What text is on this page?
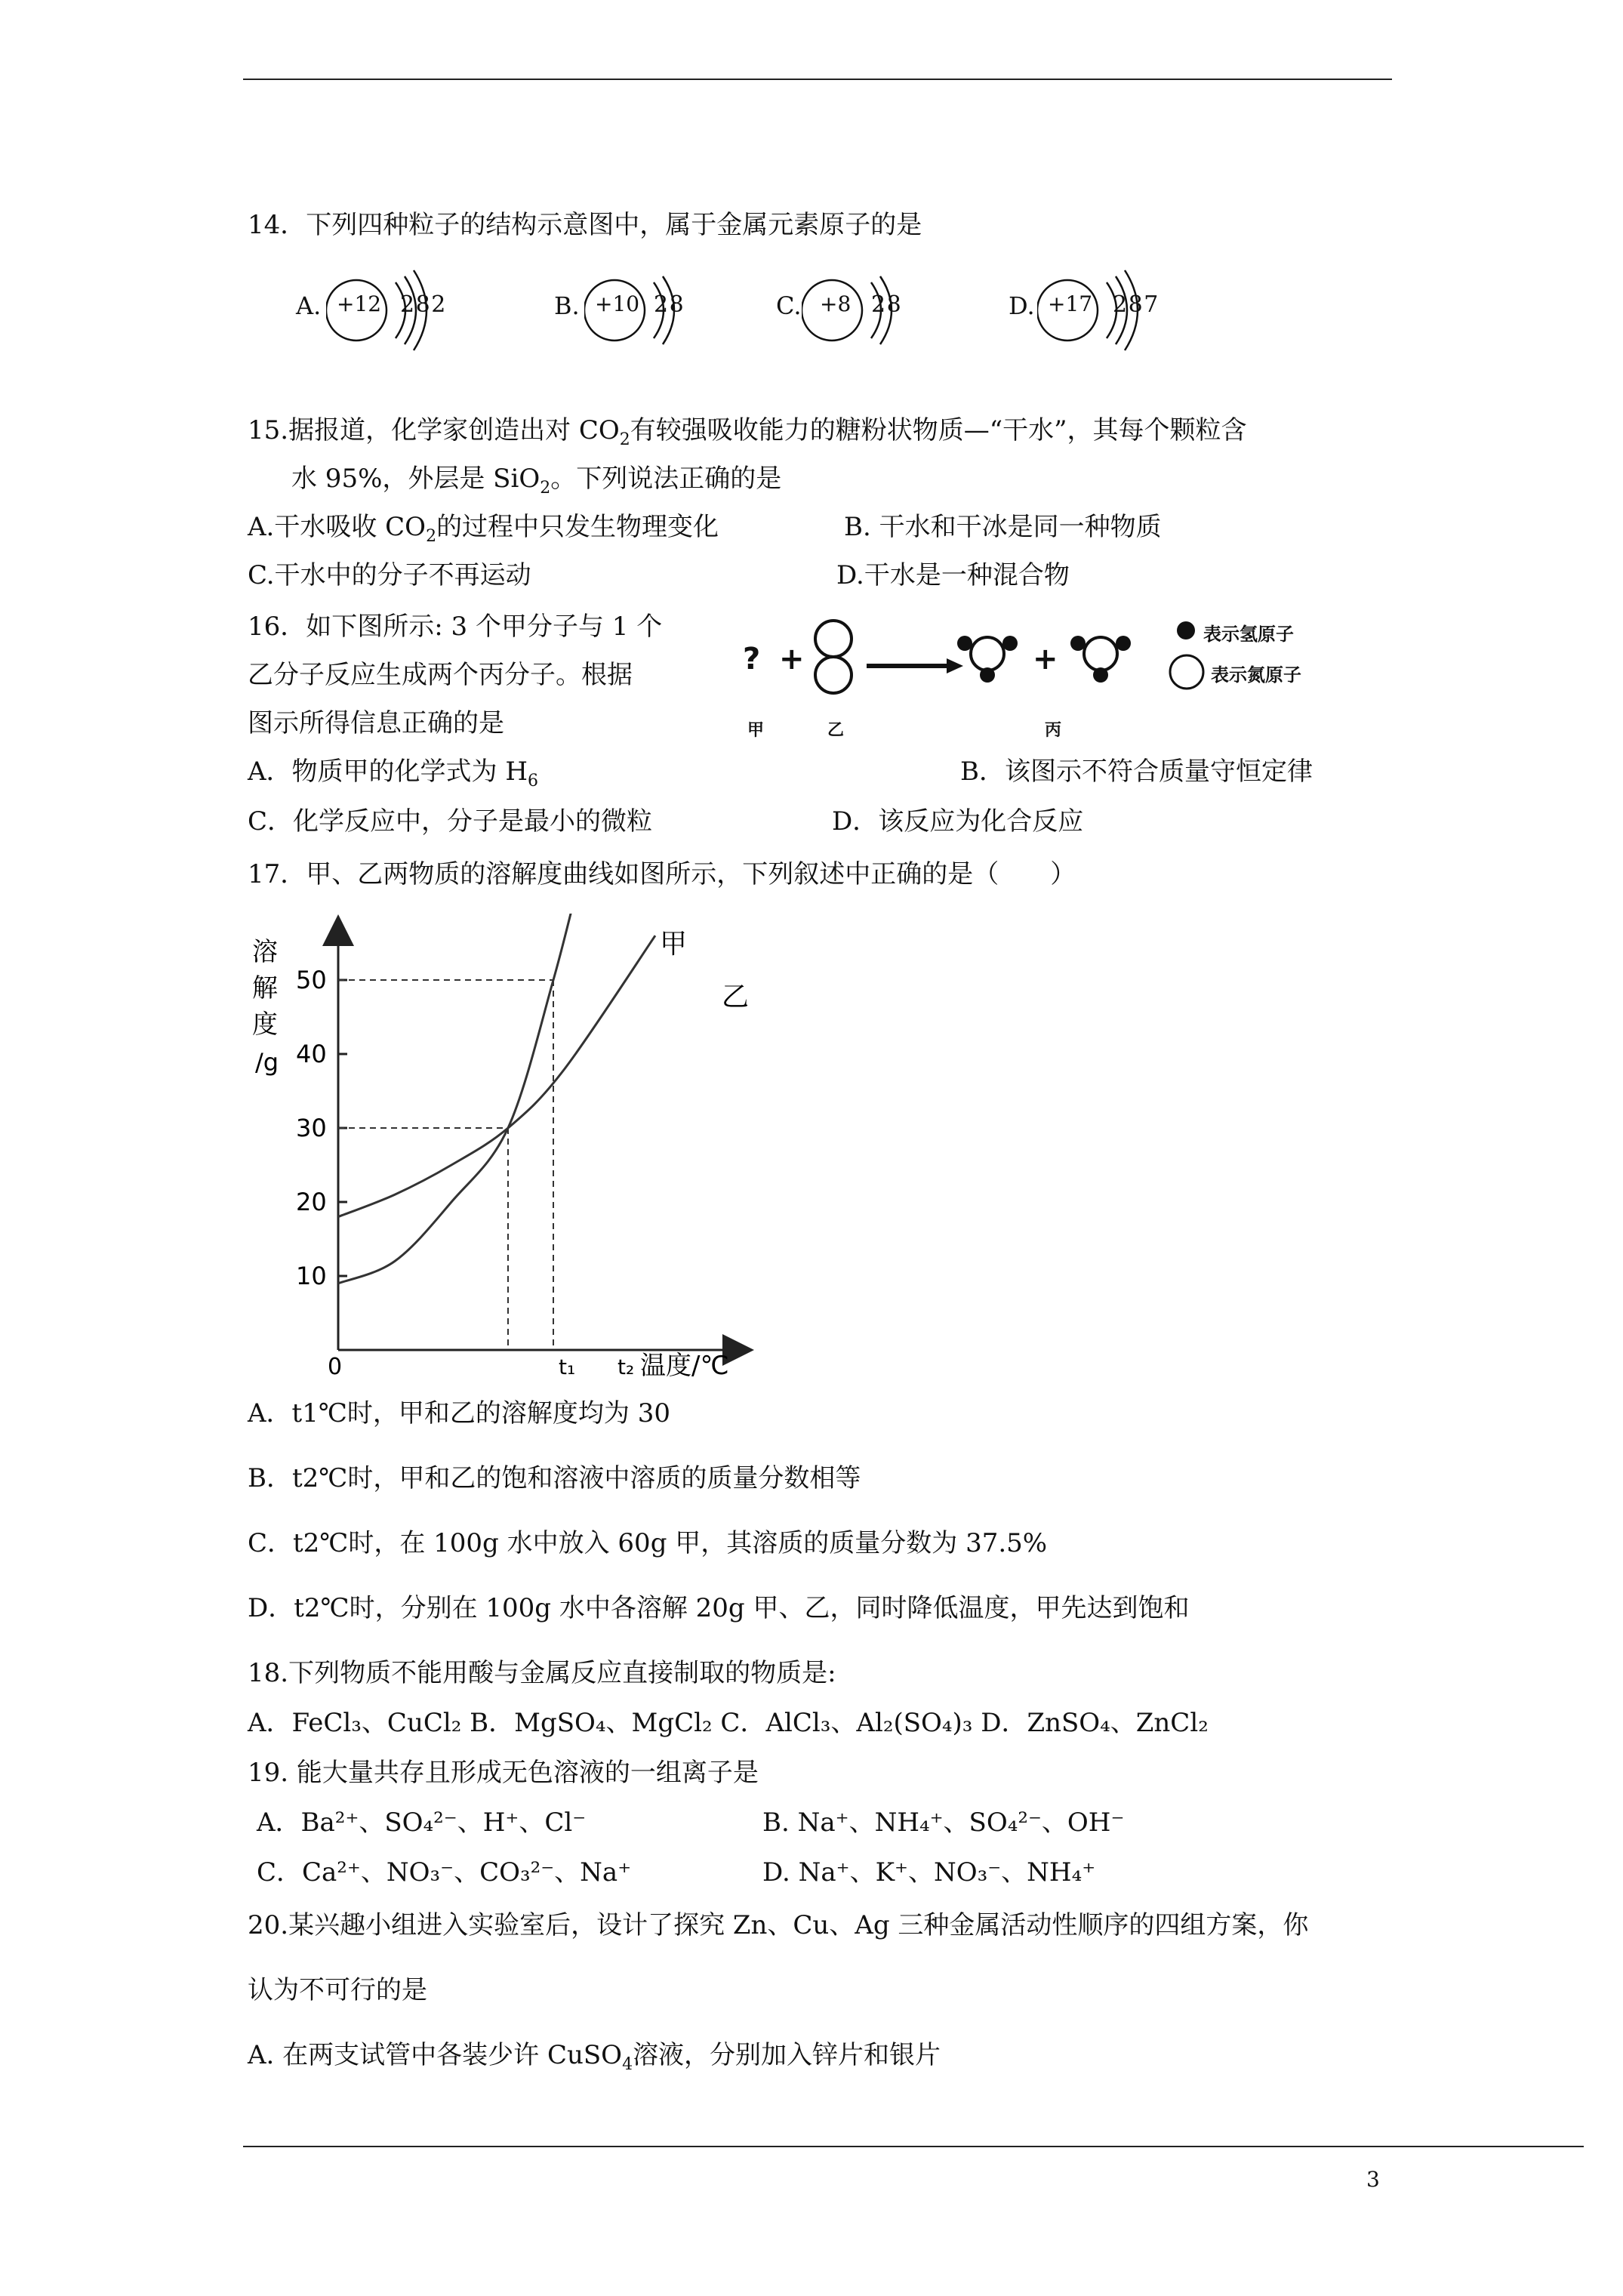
14．下列四种粒子的结构示意图中，属于金属元素原子的是
A. +12 2 8 2	B. +10 2 8	C. +8 2 8	D. +17 2 8 7
15.据报道，化学家创造出对 $CO_2$有较强吸收能力的糖粉状物质—“干水”，其每个颗粒含
水 95%，外层是 SiO$_2$。下列说法正确的是
A.干水吸收 $CO_2$的过程中只发生物理变化	B. 干水和干冰是同一种物质
C.干水中的分子不再运动	D.干水是一种混合物
16．如下图所示: 3 个甲分子与 1 个
乙分子反应生成两个丙分子。根据
图示所得信息正确的是
? +	+
表示氢原子
表示氮原子
甲	乙	丙
A．物质甲的化学式为 $H_6$	B．该图示不符合质量守恒定律
C．化学反应中，分子是最小的微粒	D．该反应为化合反应
17．甲、乙两物质的溶解度曲线如图所示，下列叙述中正确的是（　　）
10
20
30
40
50
溶
解
度
/g
0	t₁ t₂ 温度/℃
甲
乙
A．t1℃时，甲和乙的溶解度均为 30
B．t2℃时，甲和乙的饱和溶液中溶质的质量分数相等
C．t2℃时，在 100g 水中放入 60g 甲，其溶质的质量分数为 37.5%
D．t2℃时，分别在 100g 水中各溶解 20g 甲、乙，同时降低温度，甲先达到饱和
18.下列物质不能用酸与金属反应直接制取的物质是:
A．FeCl₃、CuCl₂ B．MgSO₄、MgCl₂ C．AlCl₃、Al₂(SO₄)₃ D．ZnSO₄、ZnCl₂
19. 能大量共存且形成无色溶液的一组离子是
A．Ba²⁺、SO₄²⁻、H⁺、Cl⁻	B. Na⁺、NH₄⁺、SO₄²⁻、OH⁻
C．Ca²⁺、NO₃⁻、CO₃²⁻、Na⁺	D. Na⁺、K⁺、NO₃⁻、NH₄⁺
20.某兴趣小组进入实验室后，设计了探究 Zn、Cu、Ag 三种金属活动性顺序的四组方案，你
认为不可行的是
A. 在两支试管中各装少许 CuSO$_4$溶液，分别加入锌片和银片
3
